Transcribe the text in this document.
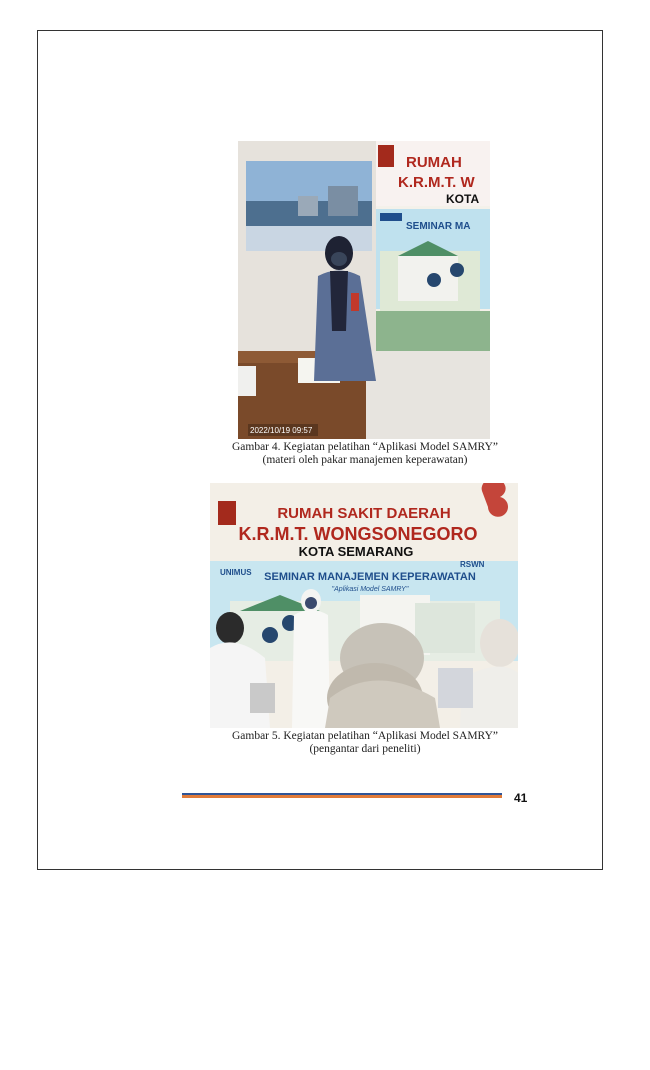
RUMAH
K.R.M.T. W
KOTA
SEMINAR MA
2022/10/19 09:57
Gambar 4. Kegiatan pelatihan “Aplikasi Model SAMRY”
(materi oleh pakar manajemen keperawatan)
RUMAH SAKIT DAERAH
K.R.M.T. WONGSONEGORO
KOTA SEMARANG
UNIMUS
RSWN
SEMINAR MANAJEMEN KEPERAWATAN
"Aplikasi Model SAMRY"
Gambar 5. Kegiatan pelatihan “Aplikasi Model SAMRY”
(pengantar dari peneliti)
41
